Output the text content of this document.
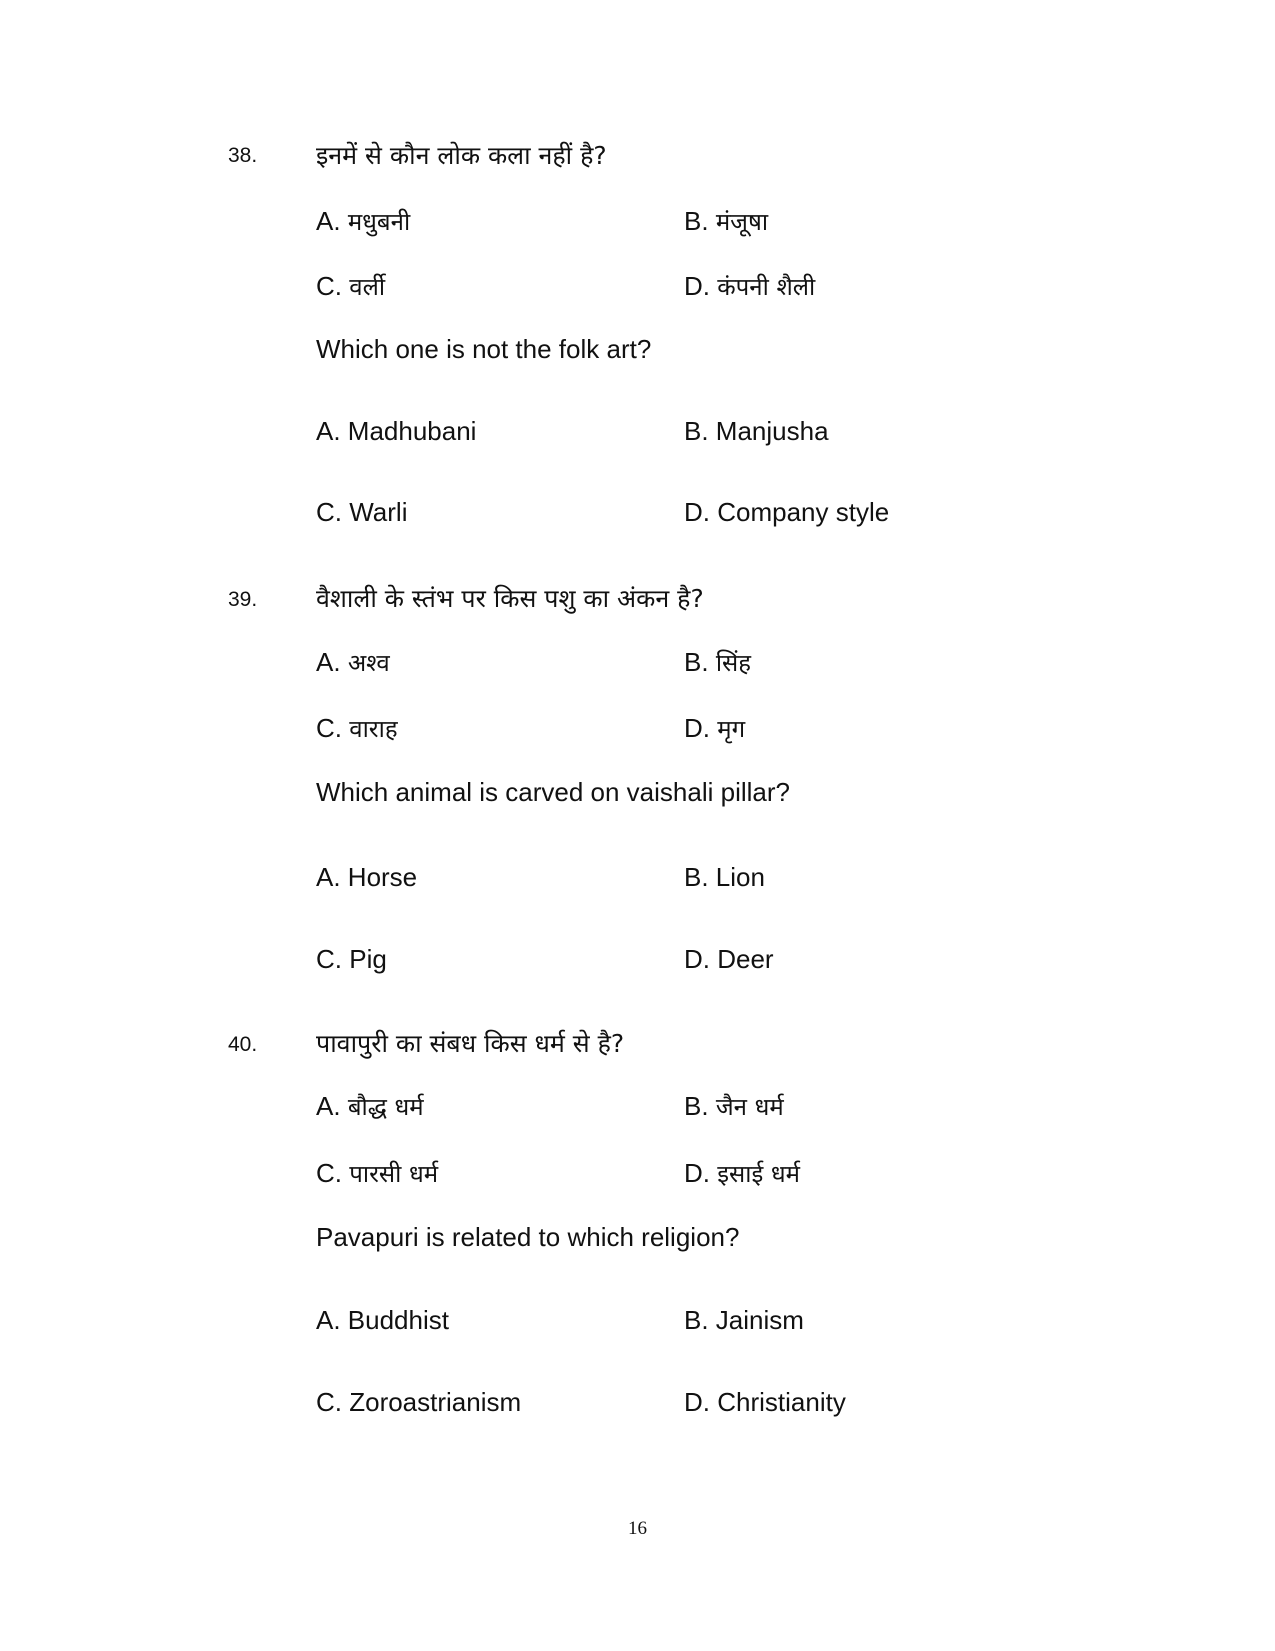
38. इनमें से कौन लोक कला नहीं है?
A. मधुबनी	B. मंजूषा
C. वर्ली	D. कंपनी शैली
Which one is not the folk art?
A. Madhubani	B. Manjusha
C. Warli	D. Company style
39. वैशाली के स्तंभ पर किस पशु का अंकन है?
A. अश्व	B. सिंह
C. वाराह	D. मृग
Which animal is carved on vaishali pillar?
A. Horse	B. Lion
C. Pig	D. Deer
40. पावापुरी का संबध किस धर्म से है?
A. बौद्ध धर्म	B. जैन धर्म
C. पारसी धर्म	D. इसाई धर्म
Pavapuri is related to which religion?
A. Buddhist	B. Jainism
C. Zoroastrianism	D. Christianity
16
